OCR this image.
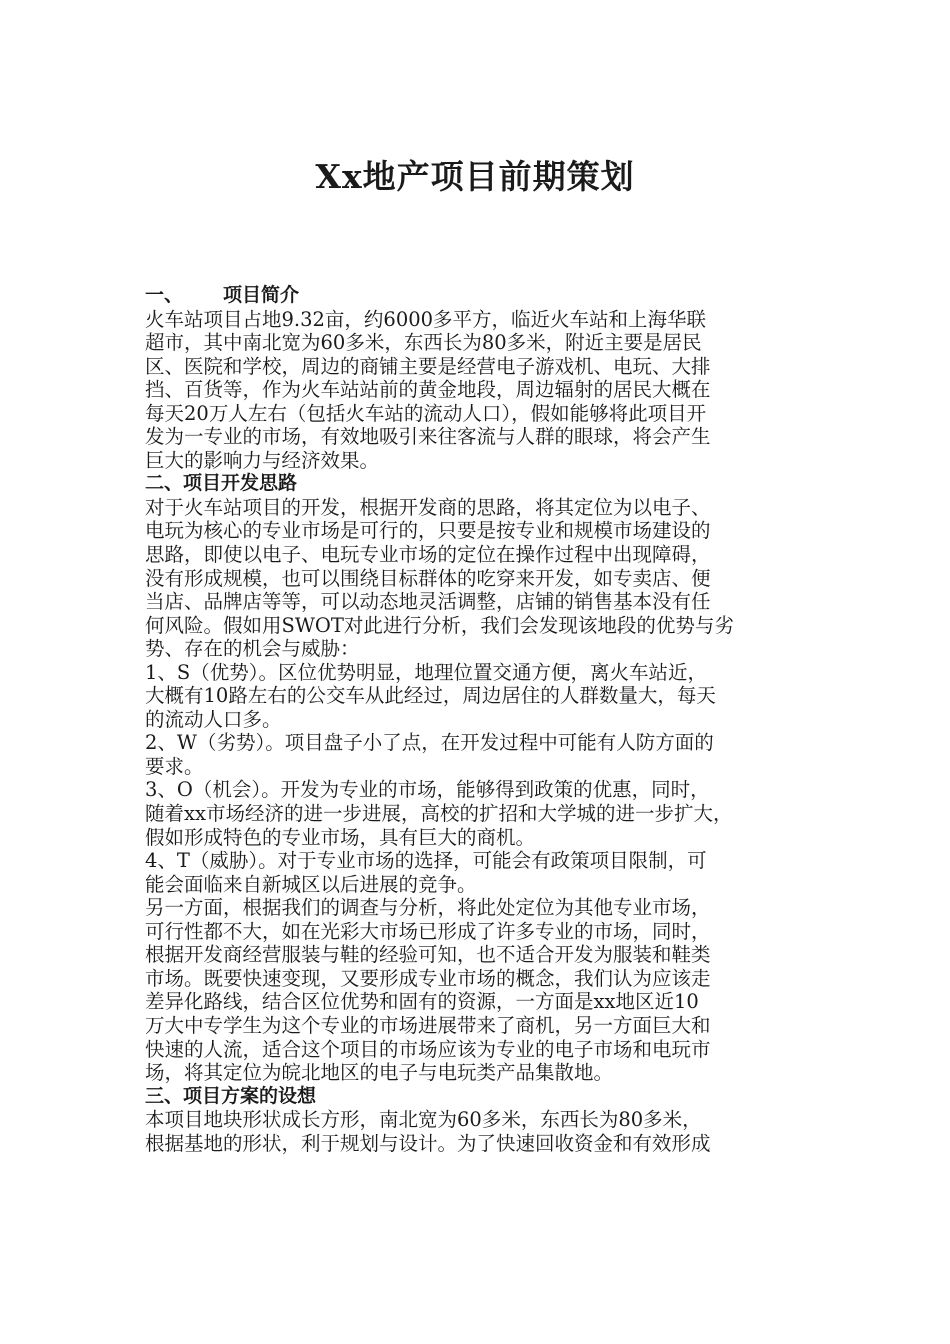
Xx地产项目前期策划
一、 项目简介
火车站项目占地9.32亩，约6000多平方，临近火车站和上海华联
超市，其中南北宽为60多米，东西长为80多米，附近主要是居民
区、医院和学校，周边的商铺主要是经营电子游戏机、电玩、大排
挡、百货等，作为火车站站前的黄金地段，周边辐射的居民大概在
每天20万人左右（包括火车站的流动人口），假如能够将此项目开
发为一专业的市场，有效地吸引来往客流与人群的眼球，将会产生
巨大的影响力与经济效果。
二、项目开发思路
对于火车站项目的开发，根据开发商的思路，将其定位为以电子、
电玩为核心的专业市场是可行的，只要是按专业和规模市场建设的
思路，即使以电子、电玩专业市场的定位在操作过程中出现障碍，
没有形成规模，也可以围绕目标群体的吃穿来开发，如专卖店、便
当店、品牌店等等，可以动态地灵活调整，店铺的销售基本没有任
何风险。假如用SWOT对此进行分析，我们会发现该地段的优势与劣
势、存在的机会与威胁：
1、S（优势）。区位优势明显，地理位置交通方便，离火车站近，
大概有10路左右的公交车从此经过，周边居住的人群数量大，每天
的流动人口多。
2、W（劣势）。项目盘子小了点，在开发过程中可能有人防方面的
要求。
3、O（机会）。开发为专业的市场，能够得到政策的优惠，同时，
随着xx市场经济的进一步进展，高校的扩招和大学城的进一步扩大，
假如形成特色的专业市场，具有巨大的商机。
4、T（威胁）。对于专业市场的选择，可能会有政策项目限制，可
能会面临来自新城区以后进展的竞争。
另一方面，根据我们的调查与分析，将此处定位为其他专业市场，
可行性都不大，如在光彩大市场已形成了许多专业的市场，同时，
根据开发商经营服装与鞋的经验可知，也不适合开发为服装和鞋类
市场。既要快速变现，又要形成专业市场的概念，我们认为应该走
差异化路线，结合区位优势和固有的资源，一方面是xx地区近10
万大中专学生为这个专业的市场进展带来了商机，另一方面巨大和
快速的人流，适合这个项目的市场应该为专业的电子市场和电玩市
场，将其定位为皖北地区的电子与电玩类产品集散地。
三、项目方案的设想
本项目地块形状成长方形，南北宽为60多米，东西长为80多米，
根据基地的形状，利于规划与设计。为了快速回收资金和有效形成
